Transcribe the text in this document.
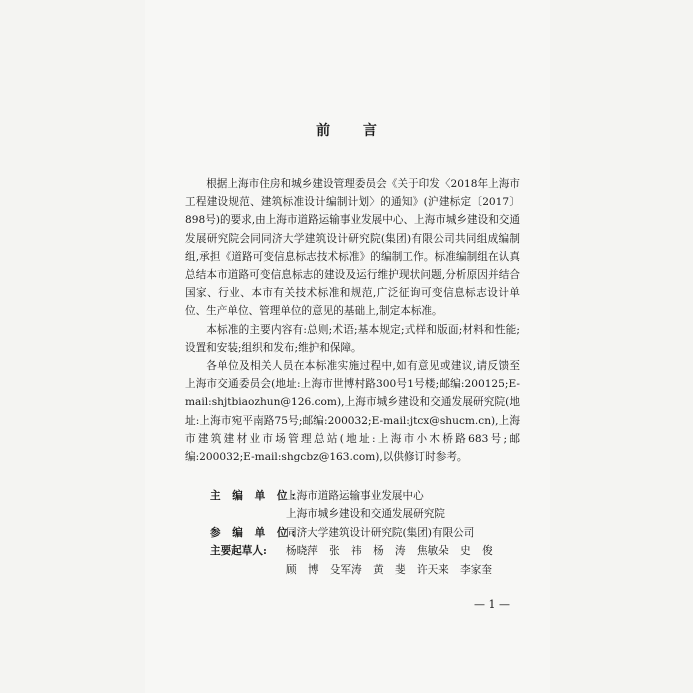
前 言

根据上海市住房和城乡建设管理委员会《关于印发〈2018年上海市工程建设规范、建筑标准设计编制计划〉的通知》(沪建标定〔2017〕898号)的要求,由上海市道路运输事业发展中心、上海市城乡建设和交通发展研究院会同同济大学建筑设计研究院(集团)有限公司共同组成编制组,承担《道路可变信息标志技术标准》的编制工作。标准编制组在认真总结本市道路可变信息标志的建设及运行维护现状问题,分析原因并结合国家、行业、本市有关技术标准和规范,广泛征询可变信息标志设计单位、生产单位、管理单位的意见的基础上,制定本标准。

本标准的主要内容有:总则;术语;基本规定;式样和版面;材料和性能;设置和安装;组织和发布;维护和保障。

各单位及相关人员在本标准实施过程中,如有意见或建议,请反馈至上海市交通委员会(地址:上海市世博村路300号1号楼;邮编:200125;E-mail:shjtbiaozhun@126.com),上海市城乡建设和交通发展研究院(地址:上海市宛平南路75号;邮编:200032;E-mail:jtcx@shucm.cn),上海市建筑建材业市场管理总站(地址:上海市小木桥路683号;邮编:200032;E-mail:shgcbz@163.com),以供修订时参考。

主 编 单 位:
上海市道路运输事业发展中心
上海市城乡建设和交通发展研究院
参 编 单 位:
同济大学建筑设计研究院(集团)有限公司
主要起草人:	杨晓萍 张 祎 杨 涛 焦敏朵 史 俊
顾 博 殳军涛 黄 斐 许天来 李家奎
— 1 —
